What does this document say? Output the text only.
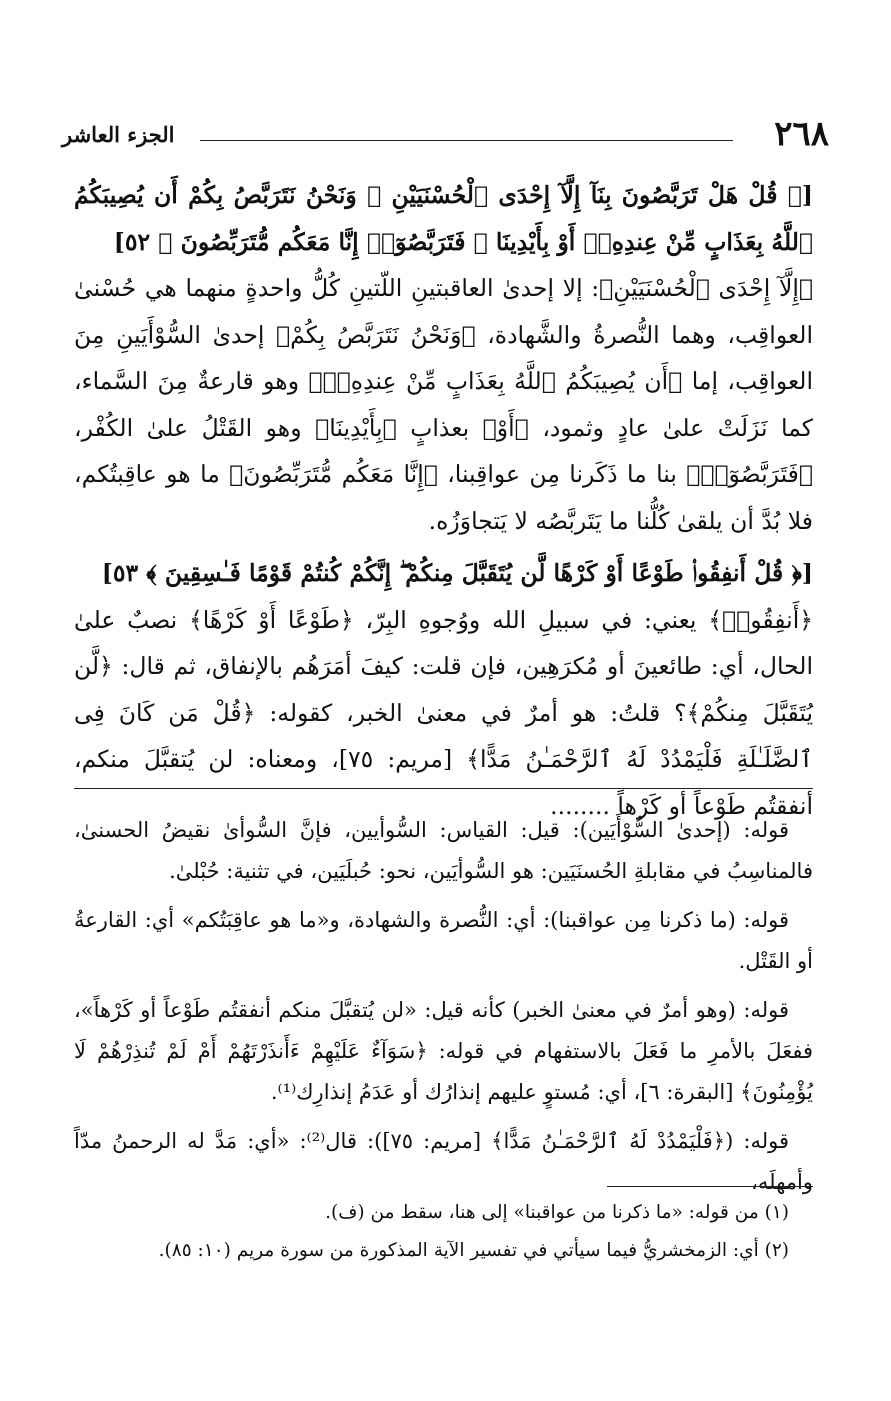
٢٦٨
الجزء العاشر

[﴿ قُلْ هَلْ تَرَبَّصُونَ بِنَآ إِلَّآ إِحْدَى ٱلْحُسْنَيَيْنِ ۖ وَنَحْنُ نَتَرَبَّصُ بِكُمْ أَن يُصِيبَكُمُ ٱللَّهُ بِعَذَابٍ مِّنْ عِندِهِۦٓ أَوْ بِأَيْدِينَا ۖ فَتَرَبَّصُوٓا۟ إِنَّا مَعَكُم مُّتَرَبِّصُونَ ﴾ ٥٢]

﴿إِلَّآ إِحْدَى ٱلْحُسْنَيَيْنِ﴾: إلا إحدىٰ العاقبتينِ اللّتينِ كُلُّ واحدةٍ منهما هي حُسْنىٰ العواقِب، وهما النُّصرةُ والشَّهادة، ﴿وَنَحْنُ نَتَرَبَّصُ بِكُمْ﴾ إحدىٰ السُّوْأَيَينِ مِنَ العواقِب، إما ﴿أَن يُصِيبَكُمُ ٱللَّهُ بِعَذَابٍ مِّنْ عِندِهِۦٓ﴾ وهو قارعةٌ مِنَ السَّماء، كما نَزَلَتْ علىٰ عادٍ وثمود، ﴿أَوْ﴾ بعذابٍ ﴿بِأَيْدِينَا﴾ وهو القَتْلُ علىٰ الكُفْر، ﴿فَتَرَبَّصُوٓا۟﴾ بنا ما ذَكَرنا مِن عواقِبنا، ﴿إِنَّا مَعَكُم مُّتَرَبِّصُونَ﴾ ما هو عاقِبتُكم، فلا بُدَّ أن يلقىٰ كُلُّنا ما يَتَربَّصُه لا يَتجاوَزُه.

[﴿ قُلْ أَنفِقُوا۟ طَوْعًا أَوْ كَرْهًا لَّن يُتَقَبَّلَ مِنكُمْ ۖ إِنَّكُمْ كُنتُمْ قَوْمًا فَـٰسِقِينَ ﴾ ٥٣]

﴿أَنفِقُوا۟﴾ يعني: في سبيلِ الله ووُجوهِ البِرّ، ﴿طَوْعًا أَوْ كَرْهًا﴾ نصبٌ علىٰ الحال، أي: طائعينَ أو مُكرَهِين، فإن قلت: كيفَ أمَرَهُم بالإنفاق، ثم قال: ﴿لَّن يُتَقَبَّلَ مِنكُمْ﴾؟ قلتُ: هو أمرٌ في معنىٰ الخبر، كقوله: ﴿قُلْ مَن كَانَ فِى ٱلضَّلَـٰلَةِ فَلْيَمْدُدْ لَهُ ٱلرَّحْمَـٰنُ مَدًّا﴾ [مريم: ٧٥]، ومعناه: لن يُتقبَّلَ منكم، أنفقتُم طَوْعاً أو كَرْهاً ........

قوله: (إحدىٰ السُّوْأَيَين): قيل: القياس: السُّوأيين، فإنَّ السُّوأىٰ نقيضُ الحسنىٰ، فالمناسِبُ في مقابلةِ الحُسنَيَين: هو السُّوأيَين، نحو: حُبلَيَين، في تثنية: حُبْلىٰ.

قوله: (ما ذكرنا مِن عواقبنا): أي: النُّصرة والشهادة، و«ما هو عاقِبَتُكم» أي: القارعةُ أو القَتْل.

قوله: (وهو أمرٌ في معنىٰ الخبر) كأنه قيل: «لن يُتقبَّلَ منكم أنفقتُم طَوْعاً أو كَرْهاً»، ففعَلَ بالأمرِ ما فَعَلَ بالاستفهام في قوله: ﴿سَوَآءٌ عَلَيْهِمْ ءَأَنذَرْتَهُمْ أَمْ لَمْ تُنذِرْهُمْ لَا يُؤْمِنُونَ﴾ [البقرة: ٦]، أي: مُستوٍ عليهم إنذارُك أو عَدَمُ إنذارِك⁽¹⁾.

قوله: (﴿فَلْيَمْدُدْ لَهُ ٱلرَّحْمَـٰنُ مَدًّا﴾ [مريم: ٧٥]): قال⁽²⁾: «أي: مَدَّ له الرحمنُ مدّاً وأمهلَه،

(١) من قوله: «ما ذكرنا من عواقبنا» إلى هنا، سقط من (ف).

(٢) أي: الزمخشريُّ فيما سيأتي في تفسير الآية المذكورة من سورة مريم (١٠: ٨٥).
